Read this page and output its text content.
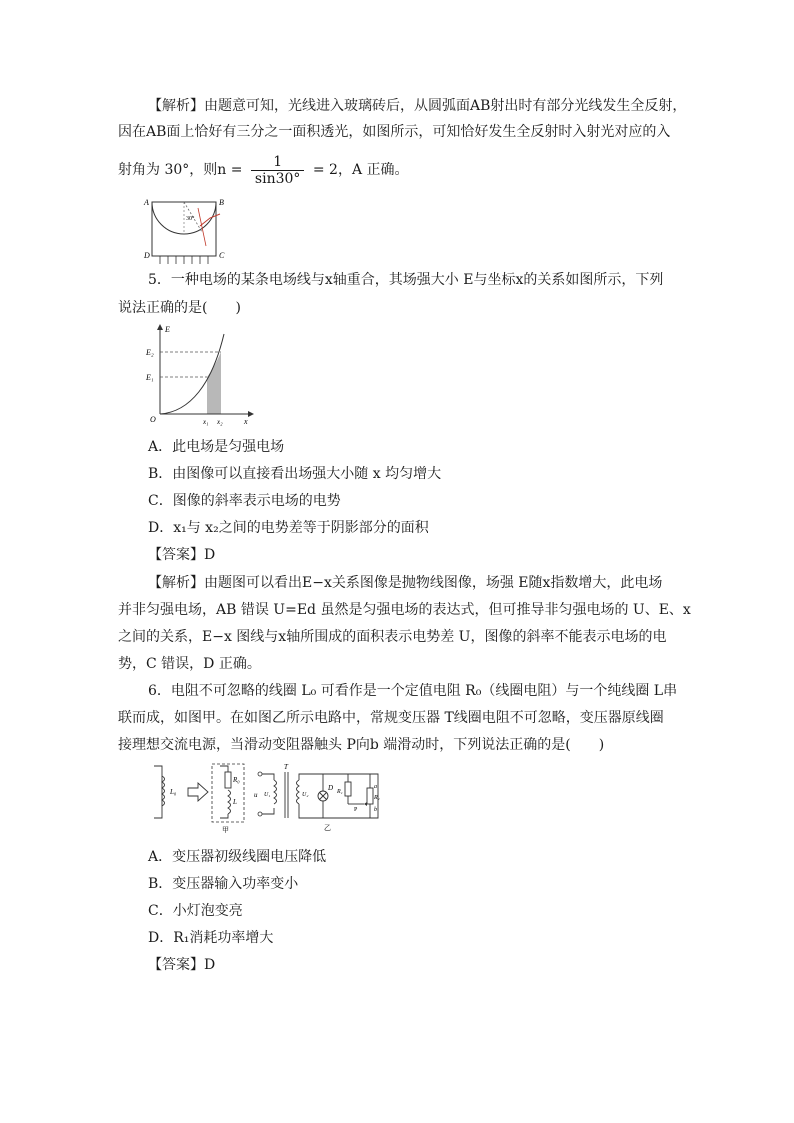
【解析】由题意可知，光线进入玻璃砖后，从圆弧面AB射出时有部分光线发生全反射，
因在AB面上恰好有三分之一面积透光，如图所示，可知恰好发生全反射时入射光对应的入
射角为 30°，则$n = \frac{1}{\sin 30^\circ} = 2$，A 正确。
A	B
D	C
30°
5．一种电场的某条电场线与x轴重合，其场强大小 E与坐标x的关系如图所示，下列
说法正确的是(　　)
E
E₂
E₁
O	x₁ x₂	x
A．此电场是匀强电场
B．由图像可以直接看出场强大小随 x 均匀增大
C．图像的斜率表示电场的电势
D．x₁与 x₂之间的电势差等于阴影部分的面积
【答案】D
【解析】由题图可以看出E−x关系图像是抛物线图像，场强 E随x指数增大，此电场
并非匀强电场，AB 错误 U=Ed 虽然是匀强电场的表达式，但可推导非匀强电场的 U、E、x
之间的关系，E−x 图线与x轴所围成的面积表示电势差 U，图像的斜率不能表示电场的电
势，C 错误，D 正确。
6．电阻不可忽略的线圈 L₀ 可看作是一个定值电阻 R₀（线圈电阻）与一个纯线圈 L串
联而成，如图甲。在如图乙所示电路中，常规变压器 T线圈电阻不可忽略，变压器原线圈
接理想交流电源，当滑动变阻器触头 P向b 端滑动时，下列说法正确的是(　　)
L₀
R₀
L
甲
u
T
U₁	U₂
D R₁
a
R₂
b
P
乙
A．变压器初级线圈电压降低
B．变压器输入功率变小
C．小灯泡变亮
D．R₁消耗功率增大
【答案】D
